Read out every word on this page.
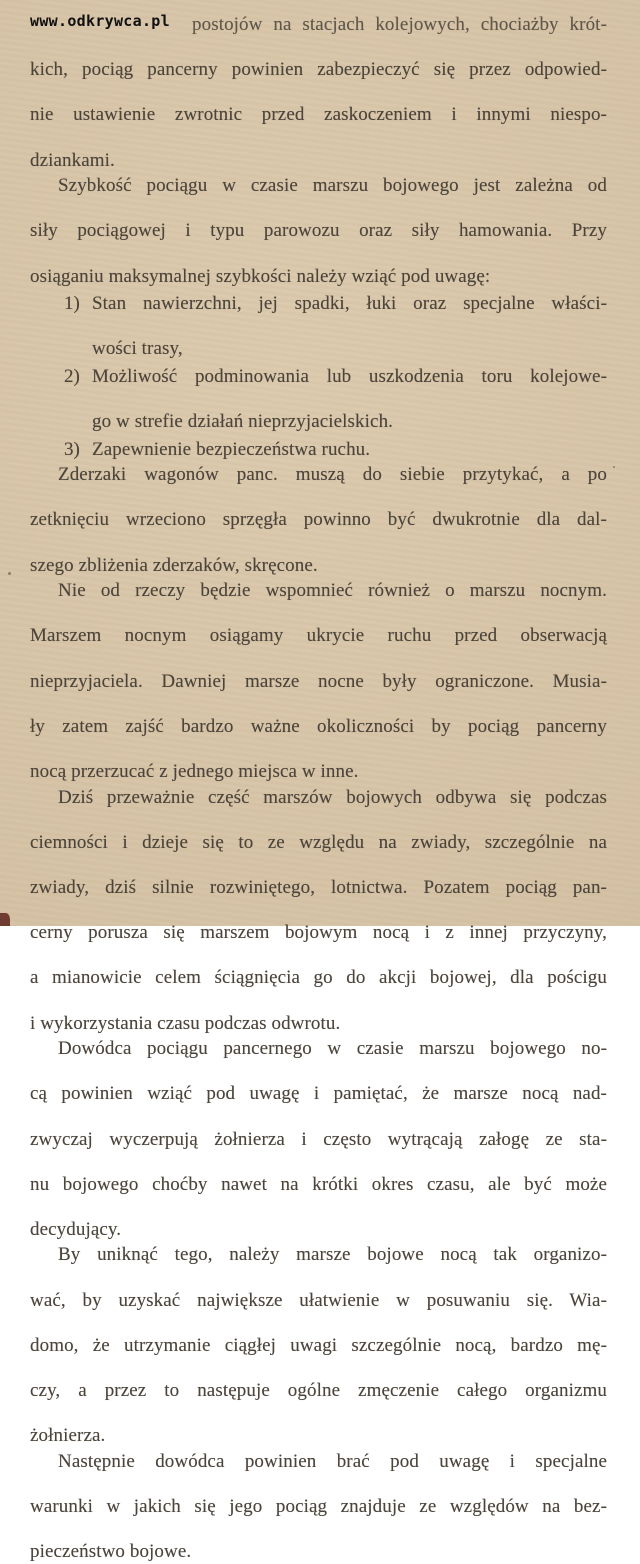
www.odkrywca.pl	postojów na stacjach kolejowych, chociażby krót-
kich, pociąg pancerny powinien zabezpieczyć się przez odpowied-
nie ustawienie zwrotnic przed zaskoczeniem i innymi niespo-
dziankami.
Szybkość pociągu w czasie marszu bojowego jest zależna od
siły pociągowej i typu parowozu oraz siły hamowania. Przy
osiąganiu maksymalnej szybkości należy wziąć pod uwagę:
1) Stan nawierzchni, jej spadki, łuki oraz specjalne właści-
wości trasy,
2) Możliwość podminowania lub uszkodzenia toru kolejowe-
go w strefie działań nieprzyjacielskich.
3) Zapewnienie bezpieczeństwa ruchu.
Zderzaki wagonów panc. muszą do siebie przytykać, a po
zetknięciu wrzeciono sprzęgła powinno być dwukrotnie dla dal-
szego zbliżenia zderzaków, skręcone.
Nie od rzeczy będzie wspomnieć również o marszu nocnym.
Marszem nocnym osiągamy ukrycie ruchu przed obserwacją
nieprzyjaciela. Dawniej marsze nocne były ograniczone. Musia-
ły zatem zajść bardzo ważne okoliczności by pociąg pancerny
nocą przerzucać z jednego miejsca w inne.
Dziś przeważnie część marszów bojowych odbywa się podczas
ciemności i dzieje się to ze względu na zwiady, szczególnie na
zwiady, dziś silnie rozwiniętego, lotnictwa. Pozatem pociąg pan-
cerny porusza się marszem bojowym nocą i z innej przyczyny,
a mianowicie celem ściągnięcia go do akcji bojowej, dla pościgu
i wykorzystania czasu podczas odwrotu.
Dowódca pociągu pancernego w czasie marszu bojowego no-
cą powinien wziąć pod uwagę i pamiętać, że marsze nocą nad-
zwyczaj wyczerpują żołnierza i często wytrącają załogę ze sta-
nu bojowego choćby nawet na krótki okres czasu, ale być może
decydujący.
By uniknąć tego, należy marsze bojowe nocą tak organizo-
wać, by uzyskać największe ułatwienie w posuwaniu się. Wia-
domo, że utrzymanie ciągłej uwagi szczególnie nocą, bardzo mę-
czy, a przez to następuje ogólne zmęczenie całego organizmu
żołnierza.
Następnie dowódca powinien brać pod uwagę i specjalne
warunki w jakich się jego pociąg znajduje ze względów na bez-
pieczeństwo bojowe.
